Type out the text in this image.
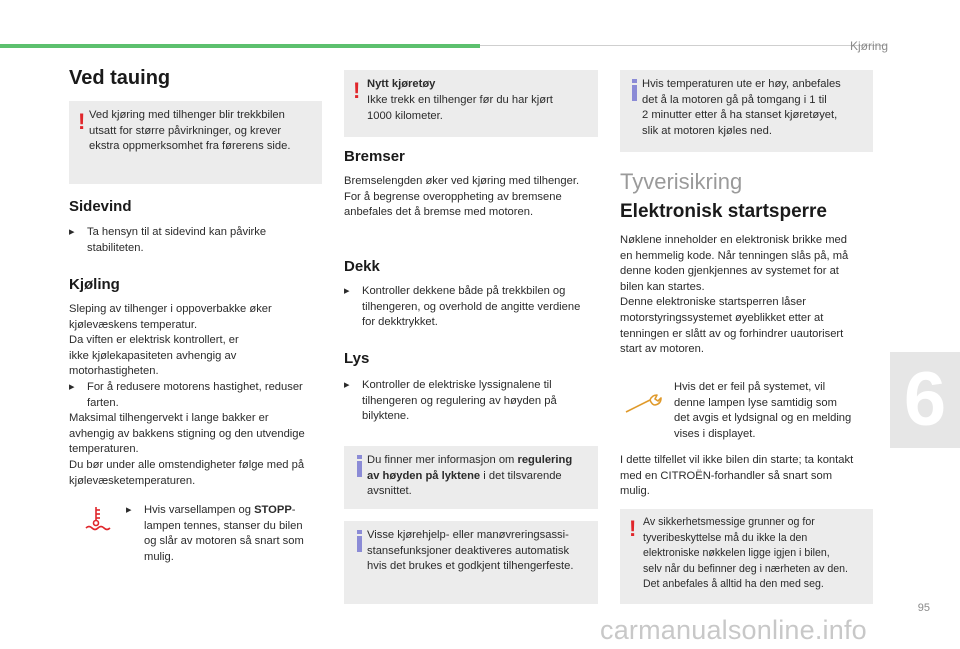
Kjøring
6
95
Ved tauing
! Ved kjøring med tilhenger blir trekkbilen
utsatt for større påvirkninger, og krever
ekstra oppmerksomhet fra førerens side.
Sidevind

▸ Ta hensyn til at sidevind kan påvirke
stabiliteten.

Kjøling

Sleping av tilhenger i oppoverbakke øker
kjølevæskens temperatur.
Da viften er elektrisk kontrollert, er
ikke kjølekapasiteten avhengig av
motorhastigheten.

▸ For å redusere motorens hastighet, reduser
farten.

Maksimal tilhengervekt i lange bakker er
avhengig av bakkens stigning og den utvendige
temperaturen.
Du bør under alle omstendigheter følge med på
kjølevæsketemperaturen.

▸ Hvis varsellampen og STOPP-
lampen tennes, stanser du bilen
og slår av motoren så snart som
mulig.

! Nytt kjøretøy
Ikke trekk en tilhenger før du har kjørt
1000 kilometer.
Bremser

Bremselengden øker ved kjøring med tilhenger.
For å begrense overoppheting av bremsene
anbefales det å bremse med motoren.

Dekk

▸ Kontroller dekkene både på trekkbilen og
tilhengeren, og overhold de angitte verdiene
for dekktrykket.

Lys

▸ Kontroller de elektriske lyssignalene til
tilhengeren og regulering av høyden på
bilyktene.

Du finner mer informasjon om regulering
av høyden på lyktene i det tilsvarende
avsnittet.
Visse kjørehjelp- eller manøvreringsassi-
stansefunksjoner deaktiveres automatisk
hvis det brukes et godkjent tilhengerfeste.
Hvis temperaturen ute er høy, anbefales
det å la motoren gå på tomgang i 1 til
2 minutter etter å ha stanset kjøretøyet,
slik at motoren kjøles ned.
Tyverisikring
Elektronisk startsperre

Nøklene inneholder en elektronisk brikke med
en hemmelig kode. Når tenningen slås på, må
denne koden gjenkjennes av systemet for at
bilen kan startes.
Denne elektroniske startsperren låser
motorstyringssystemet øyeblikket etter at
tenningen er slått av og forhindrer uautorisert
start av motoren.

Hvis det er feil på systemet, vil
denne lampen lyse samtidig som
det avgis et lydsignal og en melding
vises i displayet.

I dette tilfellet vil ikke bilen din starte; ta kontakt
med en CITROËN-forhandler så snart som
mulig.

! Av sikkerhetsmessige grunner og for
tyveribeskyttelse må du ikke la den
elektroniske nøkkelen ligge igjen i bilen,
selv når du befinner deg i nærheten av den.
Det anbefales å alltid ha den med seg.
carmanualsonline.info
